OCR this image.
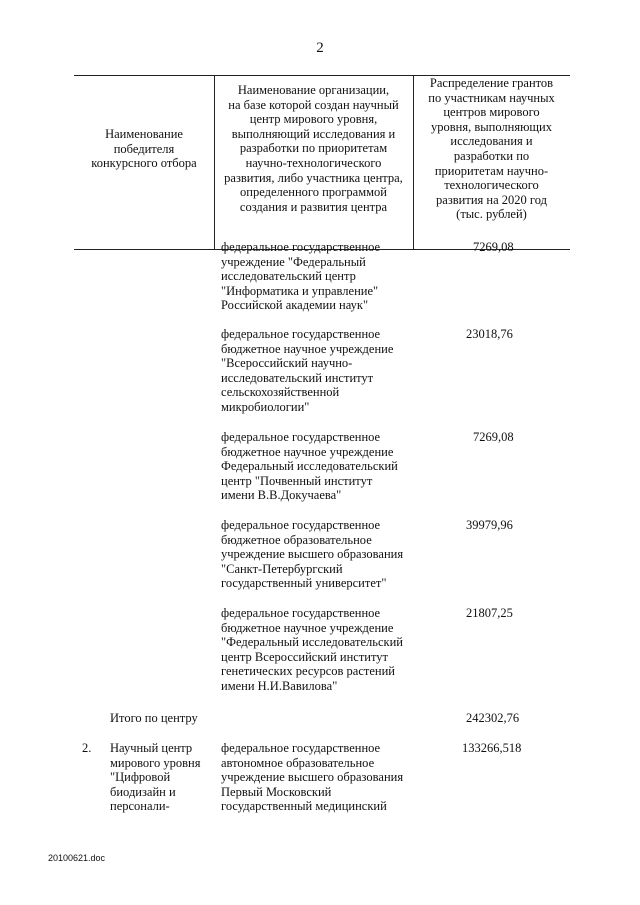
2
Наименование
победителя
конкурсного отбора
Наименование организации,
на базе которой создан научный
центр мирового уровня,
выполняющий исследования и
разработки по приоритетам
научно-технологического
развития, либо участника центра,
определенного программой
создания и развития центра
Распределение грантов
по участникам научных
центров мирового
уровня, выполняющих
исследования и
разработки по
приоритетам научно-
технологического
развития на 2020 год
(тыс. рублей)
федеральное государственное
учреждение "Федеральный
исследовательский центр
"Информатика и управление"
Российской академии наук"
7269,08
федеральное государственное
бюджетное научное учреждение
"Всероссийский научно-
исследовательский институт
сельскохозяйственной
микробиологии"
23018,76
федеральное государственное
бюджетное научное учреждение
Федеральный исследовательский
центр "Почвенный институт
имени В.В.Докучаева"
7269,08
федеральное государственное
бюджетное образовательное
учреждение высшего образования
"Санкт-Петербургский
государственный университет"
39979,96
федеральное государственное
бюджетное научное учреждение
"Федеральный исследовательский
центр Всероссийский институт
генетических ресурсов растений
имени Н.И.Вавилова"
21807,25
Итого по центру	242302,76
2.	Научный центр
мирового уровня
"Цифровой
биодизайн и
персонали-
федеральное государственное
автономное образовательное
учреждение высшего образования
Первый Московский
государственный медицинский
133266,518
20100621.doc
